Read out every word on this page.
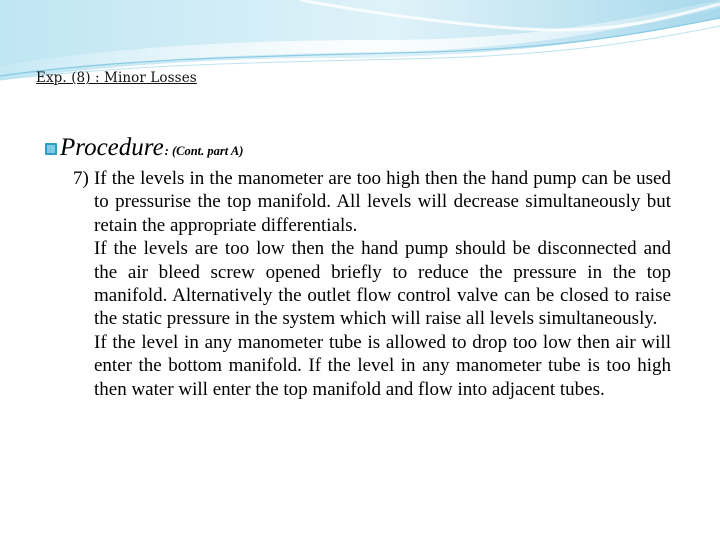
Exp. (8) : Minor Losses
Procedure : (Cont. part A)

7) If the levels in the manometer are too high then the hand pump can be used to pressurise the top manifold. All levels will decrease simultaneously but retain the appropriate differentials.

If the levels are too low then the hand pump should be disconnected and the air bleed screw opened briefly to reduce the pressure in the top manifold. Alternatively the outlet flow control valve can be closed to raise the static pressure in the system which will raise all levels simultaneously.

If the level in any manometer tube is allowed to drop too low then air will enter the bottom manifold. If the level in any manometer tube is too high then water will enter the top manifold and flow into adjacent tubes.
